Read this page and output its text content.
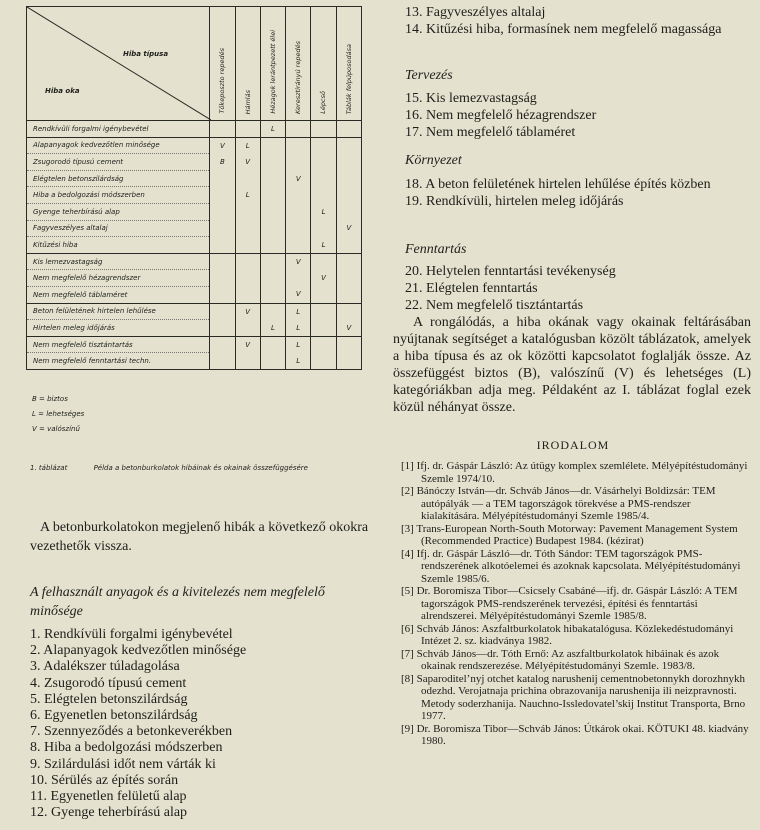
Hiba típusa
Hiba oka	Tőkeposzto repedés	Hámlás	Hézagok lerántpezett élei	Keresztirányú repedés	Lépcső	Táblák felpúposodása

Rendkívüli forgalmi igénybevétel			L			
Alapanyagok kedvezőtlen minősége	V	L				
Zsugorodó típusú cement	B	V				
Elégtelen betonszilárdság				V		
Hiba a bedolgozási módszerben		L				
Gyenge teherbírású alap					L	
Fagyveszélyes altalaj						V
Kitűzési hiba					L	
Kis lemezvastagság				V		
Nem megfelelő hézagrendszer					V	
Nem megfelelő táblaméret				V		
Beton felületének hirtelen lehűlése		V		L		
Hirtelen meleg időjárás			L	L		V
Nem megfelelő tisztántartás		V		L		
Nem megfelelő fenntartási techn.				L		
B = biztos
L = lehetséges
V = valószínű
1. táblázat	Példa a betonburkolatok hibáinak és okainak összefüggésére
A betonburkolatokon megjelenő hibák a következő okokra vezethetők vissza.
A felhasznált anyagok és a kivitelezés nem megfelelő minősége
1. Rendkívüli forgalmi igénybevétel
2. Alapanyagok kedvezőtlen minősége
3. Adalékszer túladagolása
4. Zsugorodó típusú cement
5. Elégtelen betonszilárdság
6. Egyenetlen betonszilárdság
7. Szennyeződés a betonkeverékben
8. Hiba a bedolgozási módszerben
9. Szilárdulási időt nem várták ki
10. Sérülés az építés során
11. Egyenetlen felületű alap
12. Gyenge teherbírású alap
13. Fagyveszélyes altalaj
14. Kitűzési hiba, formasínek nem megfelelő magassága
Tervezés
15. Kis lemezvastagság
16. Nem megfelelő hézagrendszer
17. Nem megfelelő táblaméret
Környezet
18. A beton felületének hirtelen lehűlése építés közben
19. Rendkívüli, hirtelen meleg időjárás
Fenntartás
20. Helytelen fenntartási tevékenység
21. Elégtelen fenntartás
22. Nem megfelelő tisztántartás

A rongálódás, a hiba okának vagy okainak feltárásában nyújtanak segítséget a katalógusban közölt táblázatok, amelyek a hiba típusa és az ok közötti kapcsolatot foglalják össze. Az összefüggést biztos (B), valószínű (V) és lehetséges (L) kategóriákban adja meg. Példaként az I. táblázat foglal ezek közül néhányat össze.

IRODALOM
[1] Ifj. dr. Gáspár László: Az útügy komplex szemlélete. Mélyépítéstudományi Szemle 1974/10.
[2] Bánóczy István—dr. Schváb János—dr. Vásárhelyi Boldizsár: TEM autópályák — a TEM tagországok törekvése a PMS-rendszer kialakítására. Mélyépítéstudományi Szemle 1985/4.
[3] Trans-European North-South Motorway: Pavement Management System (Recommended Practice) Budapest 1984. (kézirat)
[4] Ifj. dr. Gáspár László—dr. Tóth Sándor: TEM tagországok PMS-rendszerének alkotóelemei és azoknak kapcsolata. Mélyépítéstudományi Szemle 1985/6.
[5] Dr. Boromisza Tibor—Csicsely Csabáné—ifj. dr. Gáspár László: A TEM tagországok PMS-rendszerének tervezési, építési és fenntartási alrendszerei. Mélyépítéstudományi Szemle 1985/8.
[6] Schváb János: Aszfaltburkolatok hibakatalógusa. Közlekedéstudományi Intézet 2. sz. kiadványa 1982.
[7] Schváb János—dr. Tóth Ernő: Az aszfaltburkolatok hibáinak és azok okainak rendszerezése. Mélyépítéstudományi Szemle. 1983/8.
[8] Saparoditel’nyj otchet katalog narushenij cementnobetonnykh dorozhnykh odezhd. Verojatnaja prichina obrazovanija narushenija ili neizpravnosti. Metody soderzhanija. Nauchno-Issledovatel’skij Institut Transporta, Brno 1977.
[9] Dr. Boromisza Tibor—Schváb János: Útkárok okai. KÖTUKI 48. kiadvány 1980.
